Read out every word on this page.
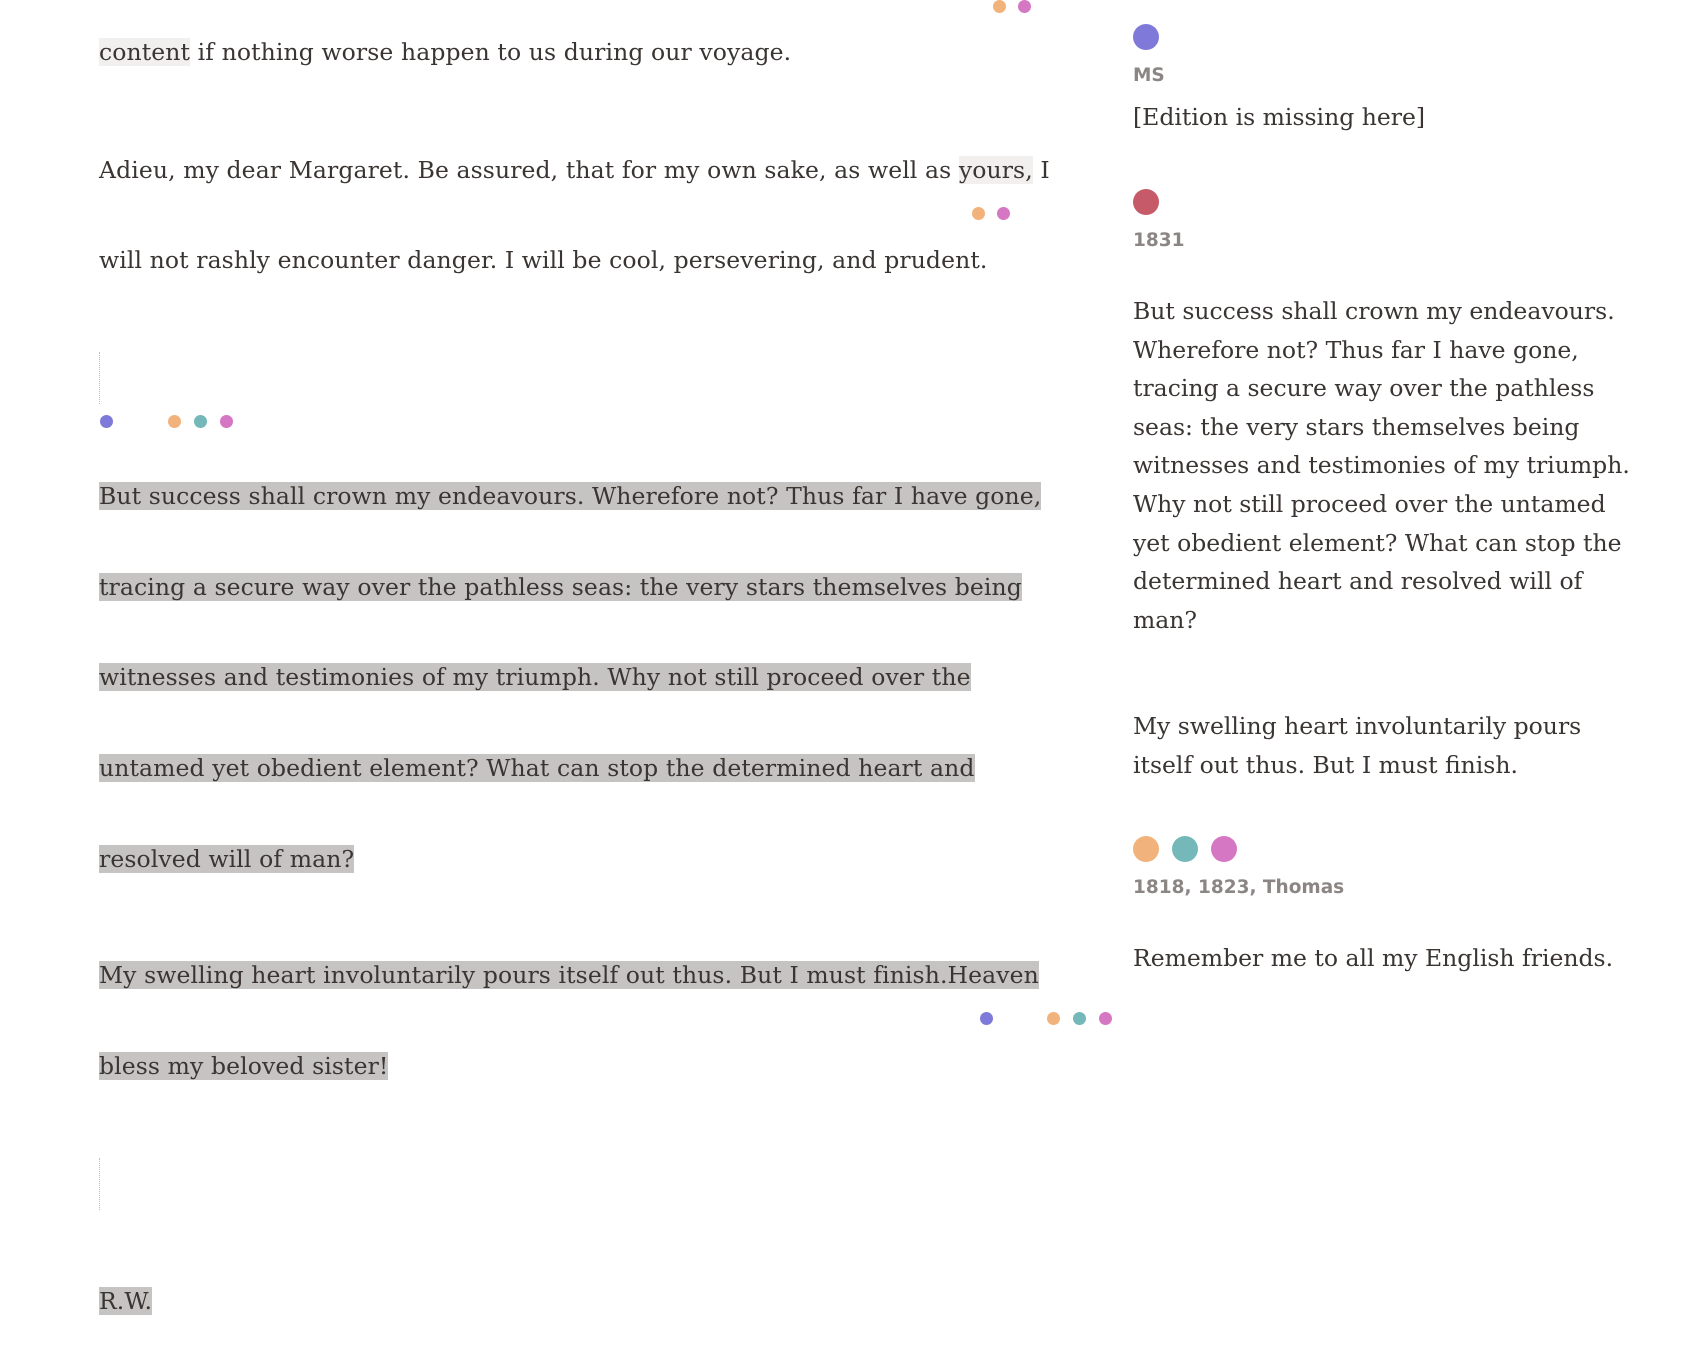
content if nothing worse happen to us during our voyage.

Adieu, my dear Margaret. Be assured, that for my own sake, as well as yours, I

will not rashly encounter danger. I will be cool, persevering, and prudent.

But success shall crown my endeavours. Wherefore not? Thus far I have gone,

tracing a secure way over the pathless seas: the very stars themselves being

witnesses and testimonies of my triumph. Why not still proceed over the

untamed yet obedient element? What can stop the determined heart and

resolved will of man?

My swelling heart involuntarily pours itself out thus. But I must finish.Heaven

bless my beloved sister!

R.W.

MS

[Edition is missing here]

1831

But success shall crown my endeavours. Wherefore not? Thus far I have gone, tracing a secure way over the pathless seas: the very stars themselves being witnesses and testimonies of my triumph. Why not still proceed over the untamed yet obedient element? What can stop the determined heart and resolved will of man?

My swelling heart involuntarily pours itself out thus. But I must finish.

1818, 1823, Thomas

Remember me to all my English friends.
